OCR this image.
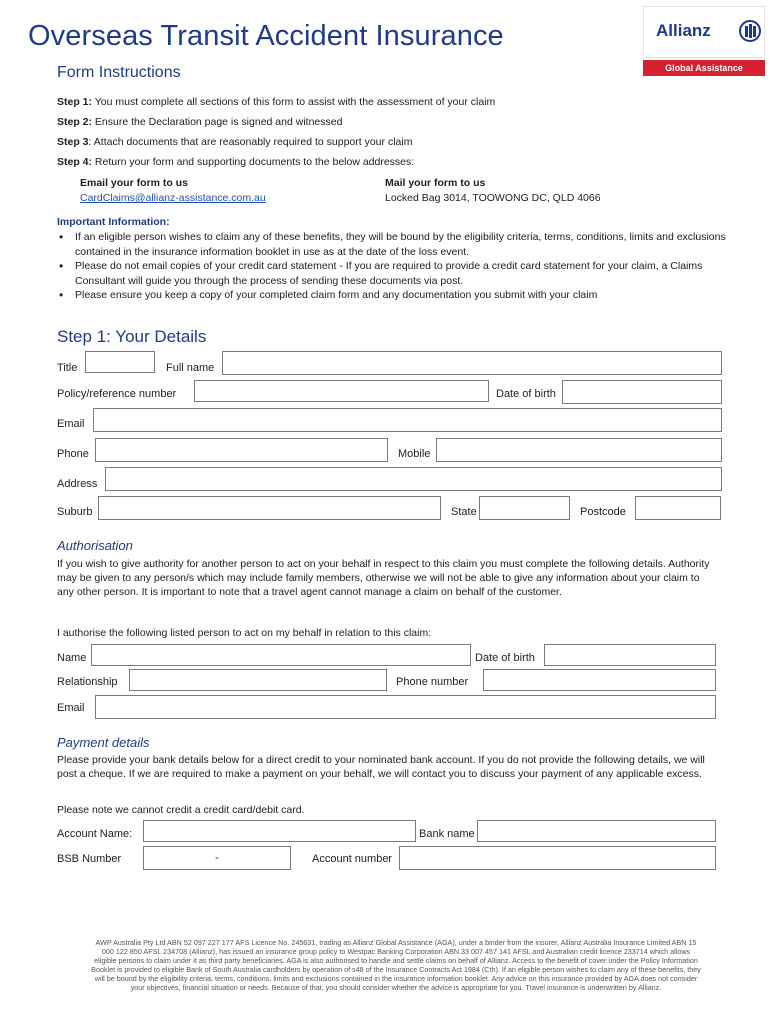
Overseas Transit Accident Insurance	Allianz
Global Assistance
Form Instructions
Step 1: You must complete all sections of this form to assist with the assessment of your claim
Step 2: Ensure the Declaration page is signed and witnessed
Step 3: Attach documents that are reasonably required to support your claim
Step 4: Return your form and supporting documents to the below addresses:
Email your form to us
CardClaims@allianz-assistance.com.au
Mail your form to us
Locked Bag 3014, TOOWONG DC, QLD 4066
Important Information:
• If an eligible person wishes to claim any of these benefits, they will be bound by the eligibility criteria, terms, conditions, limits and exclusions contained in the insurance information booklet in use as at the date of the loss event.
• Please do not email copies of your credit card statement - If you are required to provide a credit card statement for your claim, a Claims Consultant will guide you through the process of sending these documents via post.
• Please ensure you keep a copy of your completed claim form and any documentation you submit with your claim
Step 1: Your Details
Title	Full name
Policy/reference number	Date of birth
Email
Phone	Mobile
Address
Suburb	State	Postcode
Authorisation
If you wish to give authority for another person to act on your behalf in respect to this claim you must complete the following details. Authority may be given to any person/s which may include family members, otherwise we will not be able to give any information about your claim to any other person. It is important to note that a travel agent cannot manage a claim on behalf of the customer.
I authorise the following listed person to act on my behalf in relation to this claim:
Name	Date of birth
Relationship	Phone number
Email
Payment details
Please provide your bank details below for a direct credit to your nominated bank account. If you do not provide the following details, we will post a cheque. If we are required to make a payment on your behalf, we will contact you to discuss your payment of any applicable excess.
Please note we cannot credit a credit card/debit card.
Account Name:	Bank name
BSB Number	-	Account number
AWP Australia Pty Ltd ABN 52 097 227 177 AFS Licence No. 245631, trading as Allianz Global Assistance (AGA), under a binder from the insurer, Allianz Australia Insurance Limited ABN 15 000 122 850 AFSL 234708 (Allianz), has issued an insurance group policy to Westpac Banking Corporation ABN 33 007 457 141 AFSL and Australian credit licence 233714 which allows eligible persons to claim under it as third party beneficiaries. AGA is also authorised to handle and settle claims on behalf of Allianz. Access to the benefit of cover under the Policy Information Booklet is provided to eligible Bank of South Australia cardholders by operation of s48 of the Insurance Contracts Act 1984 (Cth). If an eligible person wishes to claim any of these benefits, they will be bound by the eligibility criteria, terms, conditions, limits and exclusions contained in the insurance information booklet. Any advice on this insurance provided by AGA does not consider your objectives, financial situation or needs. Because of that, you should consider whether the advice is appropriate for you. Travel insurance is underwritten by Allianz.
